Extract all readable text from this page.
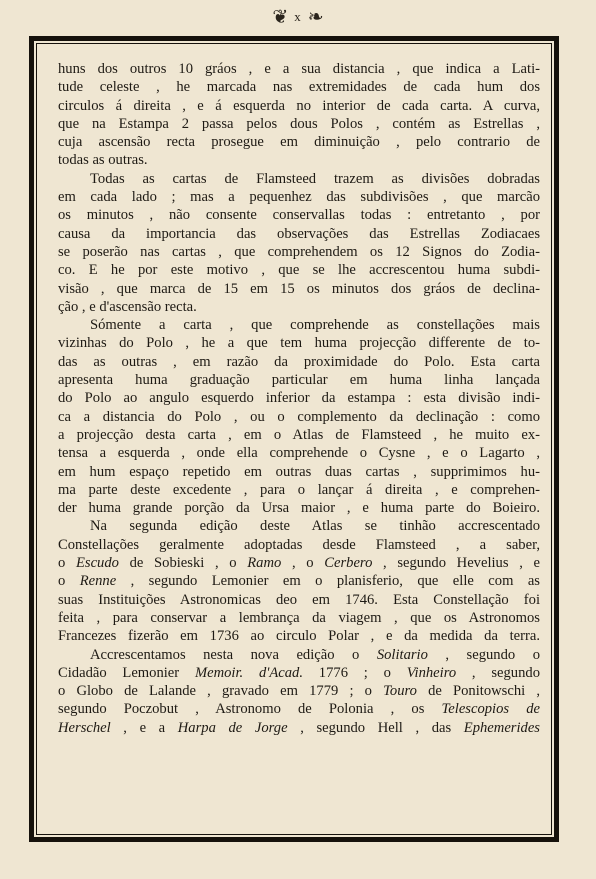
❦ x ❧
huns dos outros 10 gráos , e a sua distancia , que indica a Lati-
tude celeste , he marcada nas extremidades de cada hum dos
circulos á direita , e á esquerda no interior de cada carta. A curva,
que na Estampa 2 passa pelos dous Polos , contém as Estrellas ,
cuja ascensão recta prosegue em diminuição , pelo contrario de
todas as outras.
Todas as cartas de Flamsteed trazem as divisões dobradas
em cada lado ; mas a pequenhez das subdivisões , que marcão
os minutos , não consente conservallas todas : entretanto , por
causa da importancia das observações das Estrellas Zodiacaes
se poserão nas cartas , que comprehendem os 12 Signos do Zodia-
co. E he por este motivo , que se lhe accrescentou huma subdi-
visão , que marca de 15 em 15 os minutos dos gráos de declina-
ção , e d'ascensão recta.
Sómente a carta , que comprehende as constellações mais
vizinhas do Polo , he a que tem huma projecção differente de to-
das as outras , em razão da proximidade do Polo. Esta carta
apresenta huma graduação particular em huma linha lançada
do Polo ao angulo esquerdo inferior da estampa : esta divisão indi-
ca a distancia do Polo , ou o complemento da declinação : como
a projecção desta carta , em o Atlas de Flamsteed , he muito ex-
tensa a esquerda , onde ella comprehende o Cysne , e o Lagarto ,
em hum espaço repetido em outras duas cartas , supprimimos hu-
ma parte deste excedente , para o lançar á direita , e comprehen-
der huma grande porção da Ursa maior , e huma parte do Boieiro.
Na segunda edição deste Atlas se tinhão accrescentado
Constellações geralmente adoptadas desde Flamsteed , a saber,
o Escudo de Sobieski , o Ramo , o Cerbero , segundo Hevelius , e
o Renne , segundo Lemonier em o planisferio, que elle com as
suas Instituições Astronomicas deo em 1746. Esta Constellação foi
feita , para conservar a lembrança da viagem , que os Astronomos
Francezes fizerão em 1736 ao circulo Polar , e da medida da terra.
Accrescentamos nesta nova edição o Solitario , segundo o
Cidadão Lemonier Memoir. d'Acad. 1776 ; o Vinheiro , segundo
o Globo de Lalande , gravado em 1779 ; o Touro de Ponitowschi ,
segundo Poczobut , Astronomo de Polonia , os Telescopios de
Herschel , e a Harpa de Jorge , segundo Hell , das Ephemerides
